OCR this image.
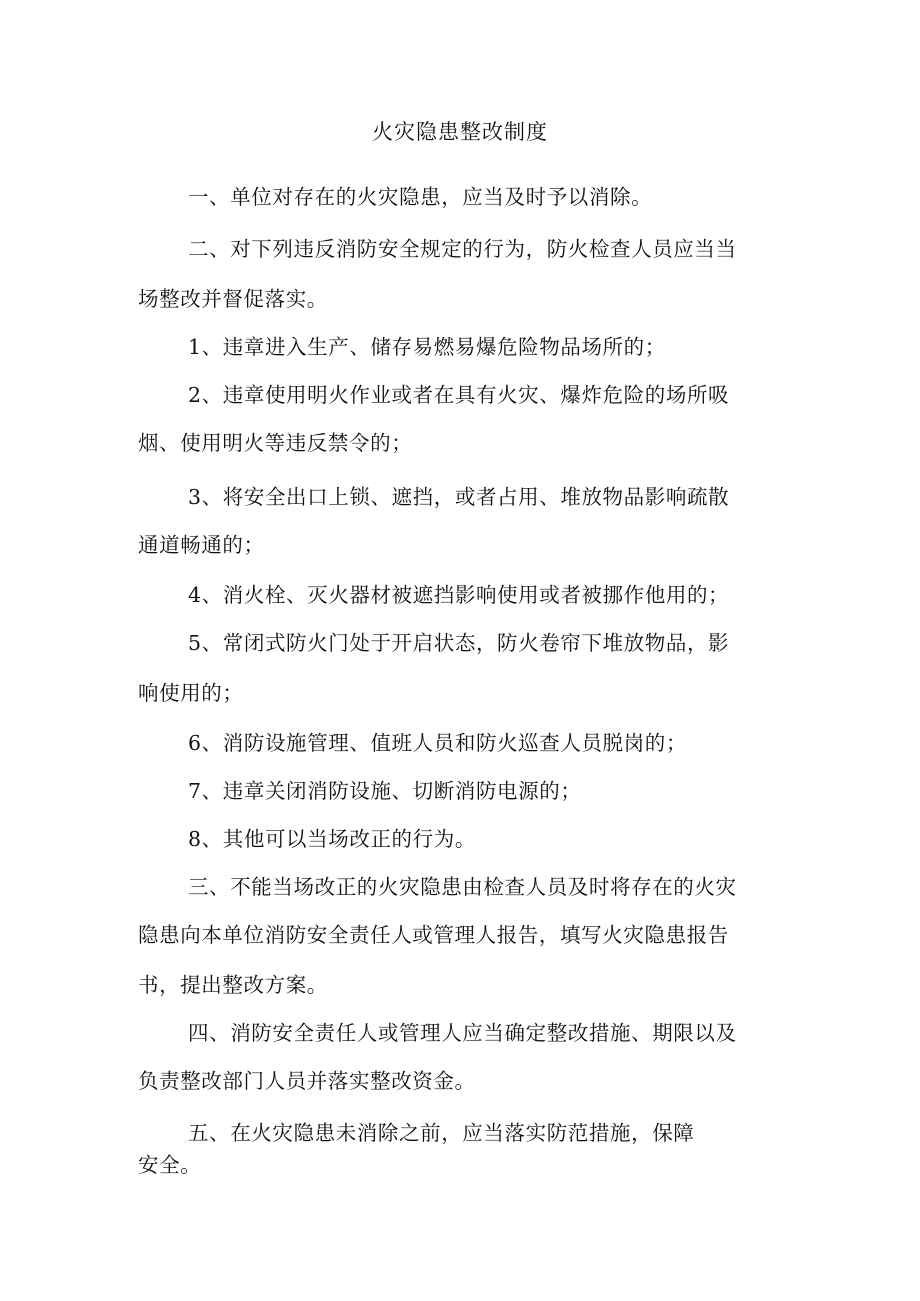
火灾隐患整改制度
一、单位对存在的火灾隐患，应当及时予以消除。
二、对下列违反消防安全规定的行为，防火检查人员应当当
场整改并督促落实。
1、违章进入生产、储存易燃易爆危险物品场所的；
2、违章使用明火作业或者在具有火灾、爆炸危险的场所吸
烟、使用明火等违反禁令的；
3、将安全出口上锁、遮挡，或者占用、堆放物品影响疏散
通道畅通的；
4、消火栓、灭火器材被遮挡影响使用或者被挪作他用的；
5、常闭式防火门处于开启状态，防火卷帘下堆放物品，影
响使用的；
6、消防设施管理、值班人员和防火巡查人员脱岗的；
7、违章关闭消防设施、切断消防电源的；
8、其他可以当场改正的行为。
三、不能当场改正的火灾隐患由检查人员及时将存在的火灾
隐患向本单位消防安全责任人或管理人报告，填写火灾隐患报告
书，提出整改方案。
四、消防安全责任人或管理人应当确定整改措施、期限以及
负责整改部门人员并落实整改资金。
五、在火灾隐患未消除之前，应当落实防范措施，保障
安全。
